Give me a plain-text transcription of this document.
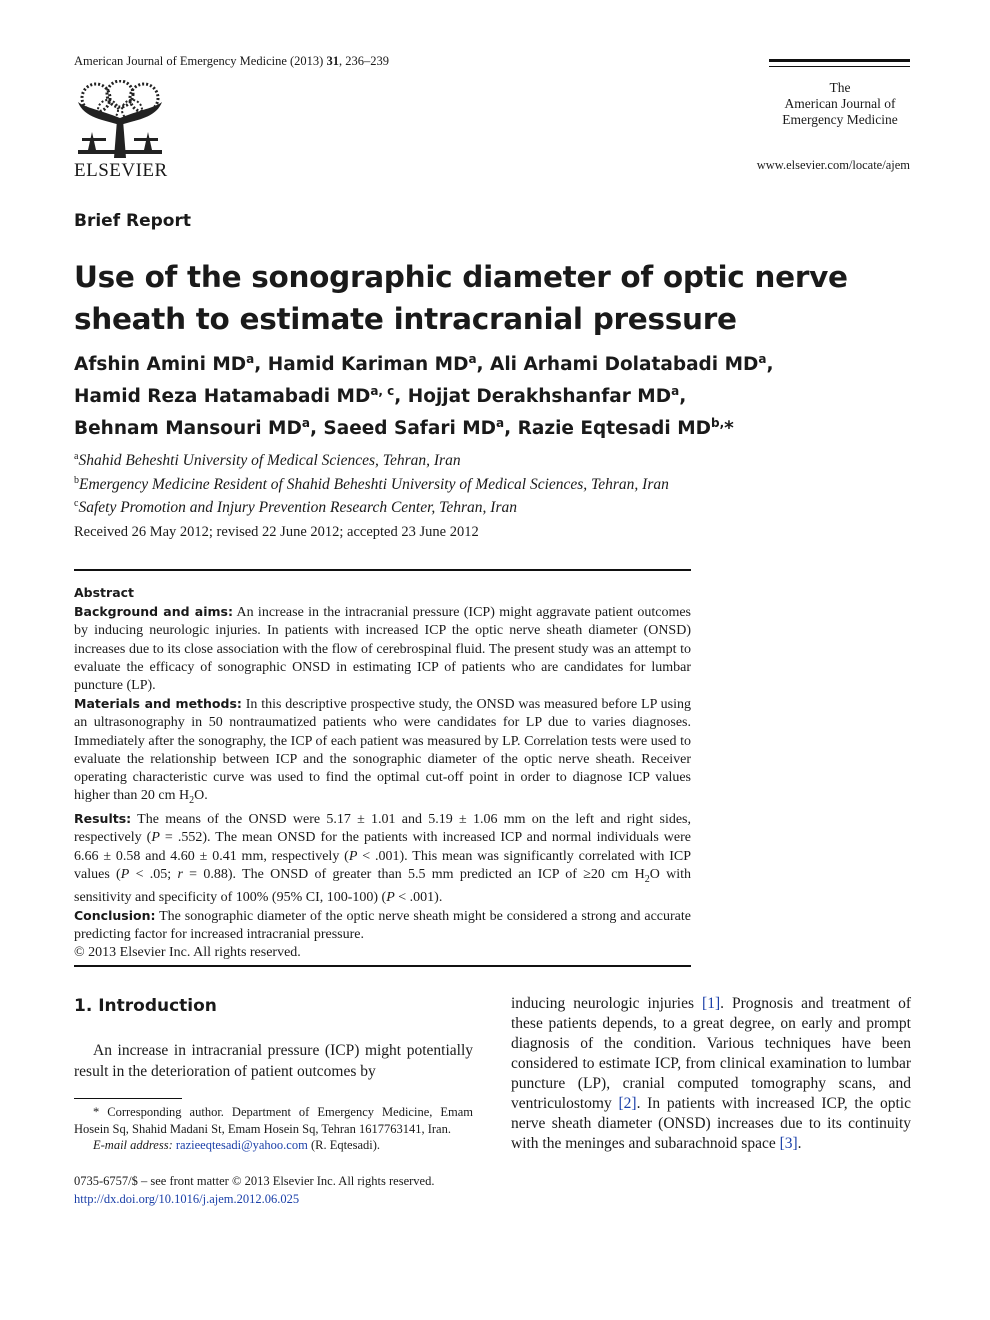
American Journal of Emergency Medicine (2013) 31, 236–239
ELSEVIER
The
American Journal of
Emergency Medicine
www.elsevier.com/locate/ajem
Brief Report
Use of the sonographic diameter of optic nerve sheath to estimate intracranial pressure
Afshin Amini $MD^a$, Hamid Kariman $MD^a$, Ali Arhami Dolatabadi $MD^a$,
Hamid Reza Hatamabadi MD$^{a, c}$, Hojjat Derakhshanfar $MD^a$,
Behnam Mansouri $MD^a$, Saeed Safari $MD^a$, Razie Eqtesadi $MD^{b,}*$
$^a$Shahid Beheshti University of Medical Sciences, Tehran, Iran
$^b$Emergency Medicine Resident of Shahid Beheshti University of Medical Sciences, Tehran, Iran
$^c$Safety Promotion and Injury Prevention Research Center, Tehran, Iran
Received 26 May 2012; revised 22 June 2012; accepted 23 June 2012
Abstract

Background and aims: An increase in the intracranial pressure (ICP) might aggravate patient outcomes by inducing neurologic injuries. In patients with increased ICP the optic nerve sheath diameter (ONSD) increases due to its close association with the flow of cerebrospinal fluid. The present study was an attempt to evaluate the efficacy of sonographic ONSD in estimating ICP of patients who are candidates for lumbar puncture (LP).

Materials and methods: In this descriptive prospective study, the ONSD was measured before LP using an ultrasonography in 50 nontraumatized patients who were candidates for LP due to varies diagnoses. Immediately after the sonography, the ICP of each patient was measured by LP. Correlation tests were used to evaluate the relationship between ICP and the sonographic diameter of the optic nerve sheath. Receiver operating characteristic curve was used to find the optimal cut-off point in order to diagnose ICP values higher than 20 cm $H_2O$.

Results: The means of the ONSD were 5.17 ± 1.01 and 5.19 ± 1.06 mm on the left and right sides, respectively (P = .552). The mean ONSD for the patients with increased ICP and normal individuals were 6.66 ± 0.58 and 4.60 ± 0.41 mm, respectively (P < .001). This mean was significantly correlated with ICP values (P < .05; r = 0.88). The ONSD of greater than 5.5 mm predicted an ICP of ≥20 cm $H_2O$ with sensitivity and specificity of 100% (95% CI, 100-100) (P < .001).

Conclusion: The sonographic diameter of the optic nerve sheath might be considered a strong and accurate predicting factor for increased intracranial pressure.

© 2013 Elsevier Inc. All rights reserved.

1. Introduction
An increase in intracranial pressure (ICP) might potentially result in the deterioration of patient outcomes by
inducing neurologic injuries [1]. Prognosis and treatment of these patients depends, to a great degree, on early and prompt diagnosis of the condition. Various techniques have been considered to estimate ICP, from clinical examination to lumbar puncture (LP), cranial computed tomography scans, and ventriculostomy [2]. In patients with increased ICP, the optic nerve sheath diameter (ONSD) increases due to its continuity with the meninges and subarachnoid space [3].
* Corresponding author. Department of Emergency Medicine, Emam Hosein Sq, Shahid Madani St, Emam Hosein Sq, Tehran 1617763141, Iran.
E-mail address: razieeqtesadi@yahoo.com (R. Eqtesadi).
0735-6757/$ – see front matter © 2013 Elsevier Inc. All rights reserved.
http://dx.doi.org/10.1016/j.ajem.2012.06.025
